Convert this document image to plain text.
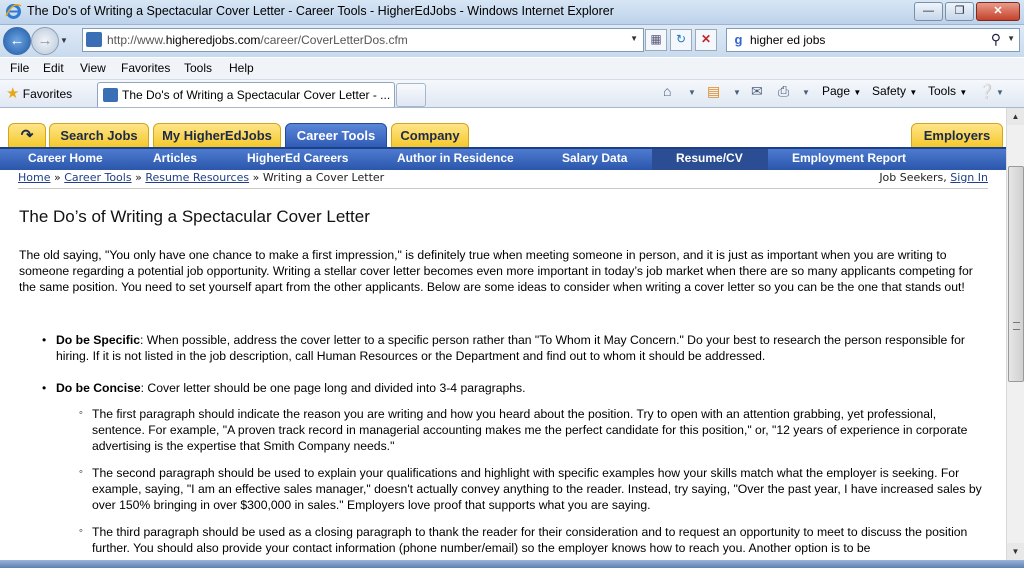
The Do's of Writing a Spectacular Cover Letter - Career Tools - HigherEdJobs - Windows Internet Explorer	—	❐	✕
← → ▼	http://www.higheredjobs.com/career/CoverLetterDos.cfm	▼	▦	↻	✕	g higher ed jobs	⚲ ▼
File Edit View Favorites Tools Help
★ Favorites	The Do's of Writing a Spectacular Cover Letter - ...	⌂ ▼ ▤ ▼ ✉ ⎙ ▼ Page ▼ Safety ▼ Tools ▼ ❔ ▼
↷	Search Jobs	My HigherEdJobs	Career Tools	Company	Employers
Career Home	Articles	HigherEd Careers	Author in Residence	Salary Data	Resume/CV	Employment Report
Home » Career Tools » Resume Resources » Writing a Cover Letter	Job Seekers, Sign In
The Do’s of Writing a Spectacular Cover Letter
The old saying, "You only have one chance to make a first impression," is definitely true when meeting someone in person, and it is just as important when you are writing to someone regarding a potential job opportunity. Writing a stellar cover letter becomes even more important in today’s job market when there are so many applicants competing for the same position. You need to set yourself apart from the other applicants. Below are some ideas to consider when writing a cover letter so you can be the one that stands out!
• Do be Specific: When possible, address the cover letter to a specific person rather than "To Whom it May Concern." Do your best to research the person responsible for hiring. If it is not listed in the job description, call Human Resources or the Department and find out to whom it should be addressed.
• Do be Concise: Cover letter should be one page long and divided into 3-4 paragraphs.
◦ The first paragraph should indicate the reason you are writing and how you heard about the position. Try to open with an attention grabbing, yet professional, sentence. For example, "A proven track record in managerial accounting makes me the perfect candidate for this position," or, "12 years of experience in corporate advertising is the expertise that Smith Company needs."
◦ The second paragraph should be used to explain your qualifications and highlight with specific examples how your skills match what the employer is seeking. For example, saying, "I am an effective sales manager," doesn't actually convey anything to the reader. Instead, try saying, "Over the past year, I have increased sales by over 150% bringing in over $300,000 in sales." Employers love proof that supports what you are saying.
◦ The third paragraph should be used as a closing paragraph to thank the reader for their consideration and to request an opportunity to meet to discuss the position further. You should also provide your contact information (phone number/email) so the employer knows how to reach you. Another option is to be
▲
▼
